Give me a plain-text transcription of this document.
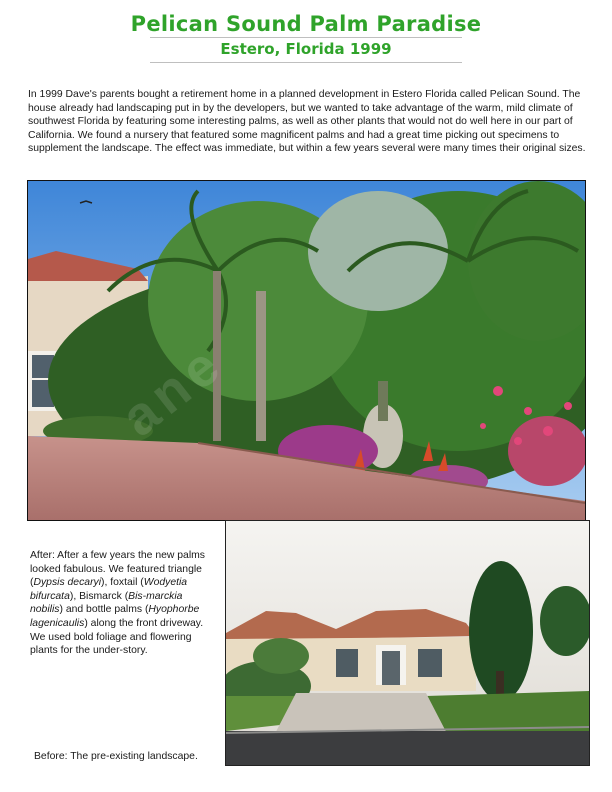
Pelican Sound Palm Paradise
Estero, Florida 1999

In 1999 Dave's parents bought a retirement home in a planned development in Estero Florida called Pelican Sound. The house already had landscaping put in by the developers, but we wanted to take advantage of the warm, mild climate of southwest Florida by featuring some interesting palms, as well as other plants that would not do well here in our part of California. We found a nursery that featured some magnificent palms and had a great time picking out specimens to supplement the landscape. The effect was immediate, but within a few years several were many times their original sizes.

After: After a few years the new palms looked fabulous. We featured triangle (Dypsis decaryi), foxtail (Wodyetia bifurcata), Bismarck (Bis-marckia nobilis) and bottle palms (Hyophorbe lagenicaulis) along the front driveway. We used bold foliage and flowering plants for the under-story.

Before: The pre-existing landscape.
